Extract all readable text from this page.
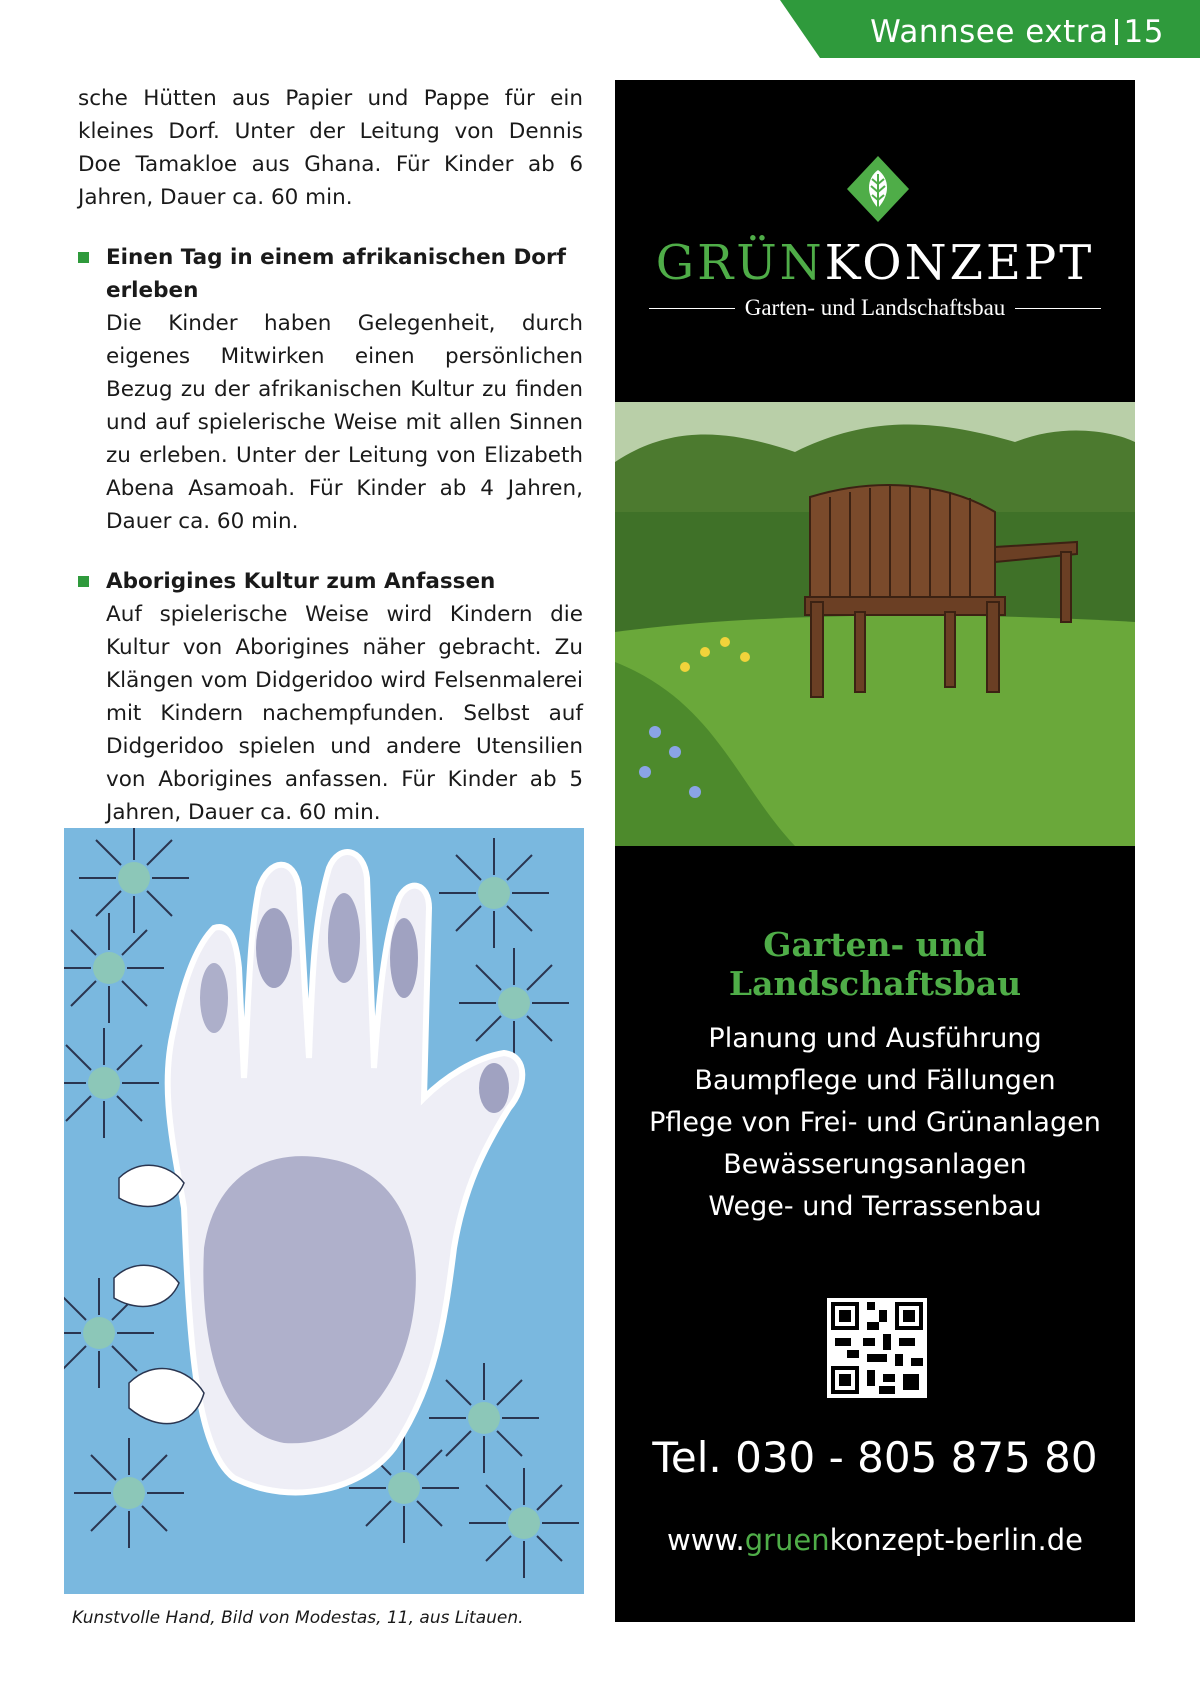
Wannsee extra 15

sche Hütten aus Papier und Pappe für ein kleines Dorf. Unter der Leitung von Dennis Doe Tamakloe aus Ghana. Für Kinder ab 6 Jahren, Dauer ca. 60 min.

Einen Tag in einem afrikanischen Dorf erleben
Die Kinder haben Gelegenheit, durch eigenes Mitwirken einen persönlichen Bezug zu der afrikanischen Kultur zu finden und auf spielerische Weise mit allen Sinnen zu erleben. Unter der Leitung von Elizabeth Abena Asamoah. Für Kinder ab 4 Jahren, Dauer ca. 60 min.
Aborigines Kultur zum Anfassen
Auf spielerische Weise wird Kindern die Kultur von Aborigines näher gebracht. Zu Klängen vom Didgeridoo wird Felsenmalerei mit Kindern nachempfunden. Selbst auf Didgeridoo spielen und andere Utensilien von Aborigines anfassen. Für Kinder ab 5 Jahren, Dauer ca. 60 min.
Kunstvolle Hand, Bild von Modestas, 11, aus Litauen.
GRÜNKONZEPT
Garten- und Landschaftsbau
Garten- und Landschaftsbau
Planung und Ausführung
Baumpflege und Fällungen
Pflege von Frei- und Grünanlagen
Bewässerungsanlagen
Wege- und Terrassenbau
Tel. 030 - 805 875 80
www.gruenkonzept-berlin.de
